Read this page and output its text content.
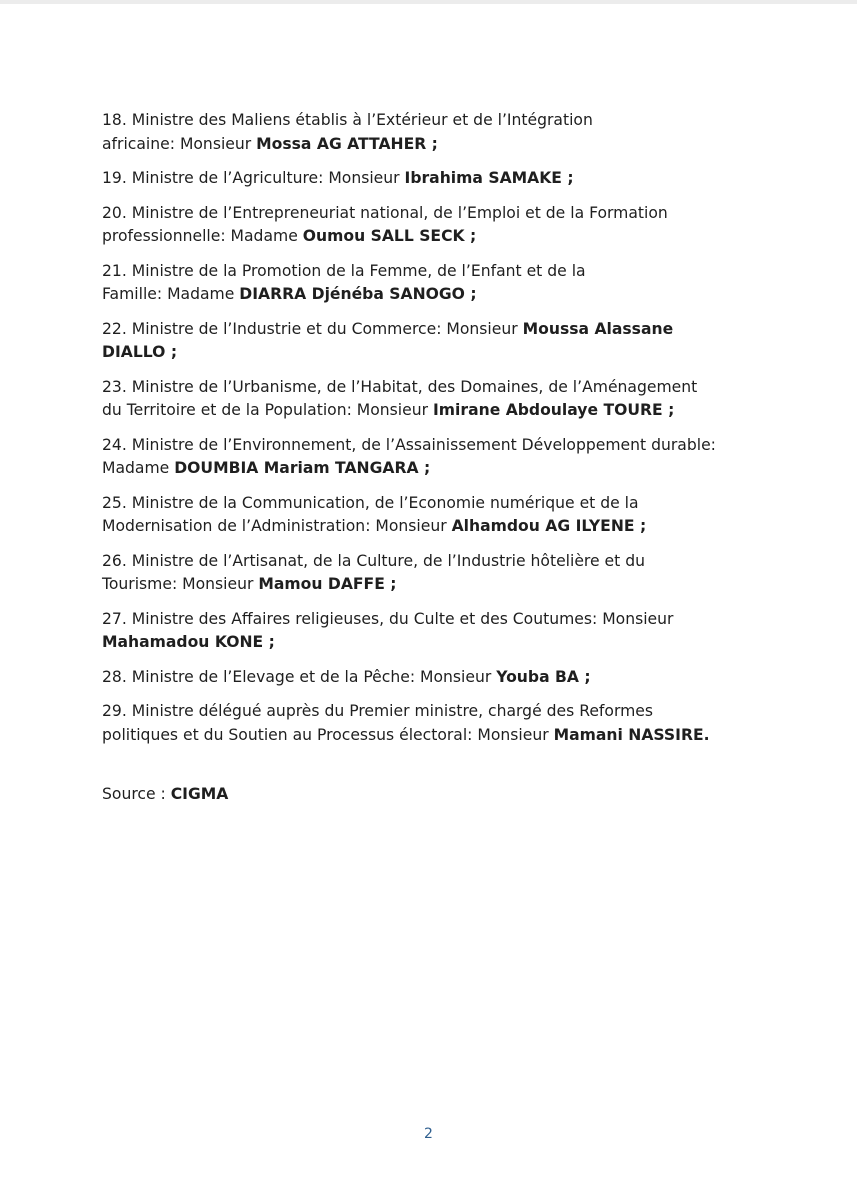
18. Ministre des Maliens établis à l’Extérieur et de l’Intégration
africaine: Monsieur Mossa AG ATTAHER ;

19. Ministre de l’Agriculture: Monsieur Ibrahima SAMAKE ;

20. Ministre de l’Entrepreneuriat national, de l’Emploi et de la Formation
professionnelle: Madame Oumou SALL SECK ;

21. Ministre de la Promotion de la Femme, de l’Enfant et de la
Famille: Madame DIARRA Djénéba SANOGO ;

22. Ministre de l’Industrie et du Commerce: Monsieur Moussa Alassane
DIALLO ;

23. Ministre de l’Urbanisme, de l’Habitat, des Domaines, de l’Aménagement
du Territoire et de la Population: Monsieur Imirane Abdoulaye TOURE ;

24. Ministre de l’Environnement, de l’Assainissement Développement durable:
Madame DOUMBIA Mariam TANGARA ;

25. Ministre de la Communication, de l’Economie numérique et de la
Modernisation de l’Administration: Monsieur Alhamdou AG ILYENE ;

26. Ministre de l’Artisanat, de la Culture, de l’Industrie hôtelière et du
Tourisme: Monsieur Mamou DAFFE ;

27. Ministre des Affaires religieuses, du Culte et des Coutumes: Monsieur
Mahamadou KONE ;

28. Ministre de l’Elevage et de la Pêche: Monsieur Youba BA ;

29. Ministre délégué auprès du Premier ministre, chargé des Reformes
politiques et du Soutien au Processus électoral: Monsieur Mamani NASSIRE.

Source : CIGMA

2
